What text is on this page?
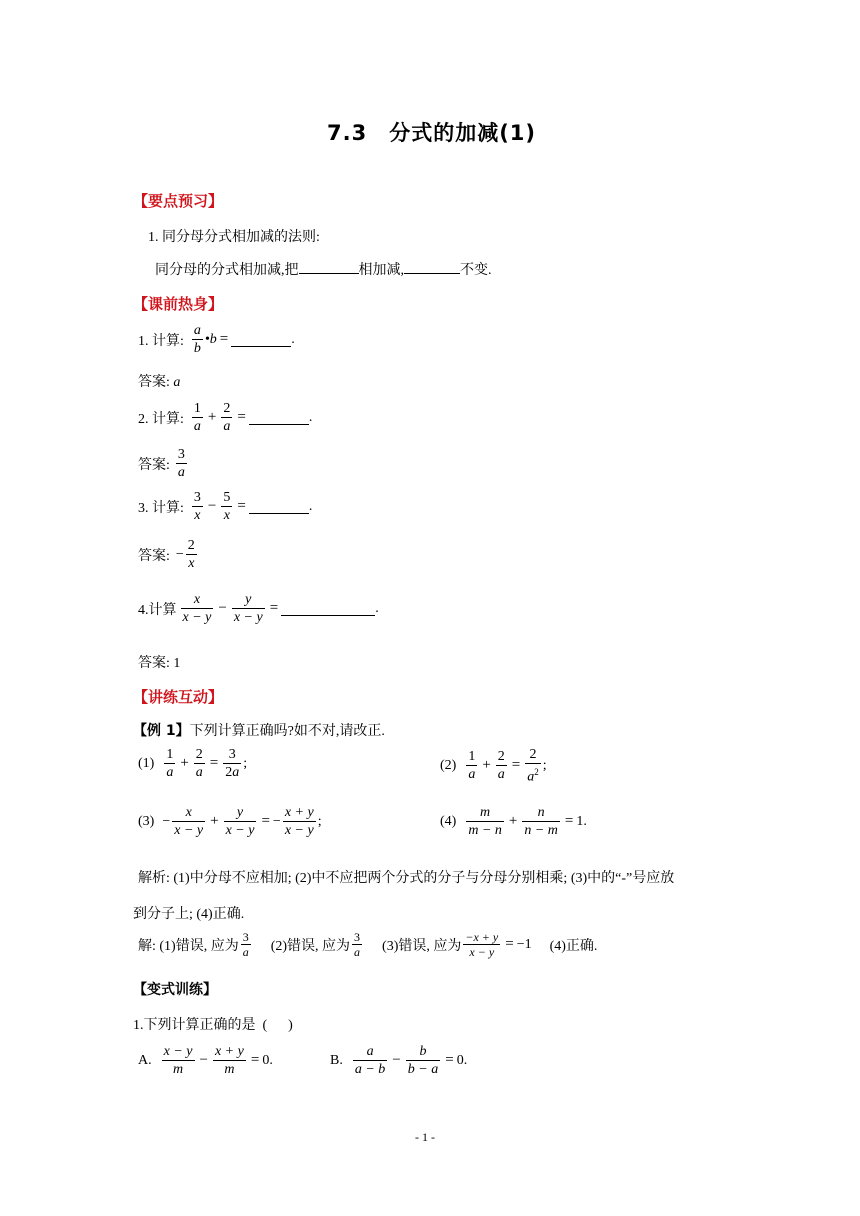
7.3　分式的加减(1)
【要点预习】
1. 同分母分式相加减的法则:
同分母的分式相加减,把	相加减,	不变.
【课前热身】
1. 计算: $\frac{a}{b}$ •b =	.
答案: a
2. 计算: $\frac{1}{a} + \frac{2}{a}$ =	.
答案: $\frac{3}{a}$
3. 计算: $\frac{3}{x} - \frac{5}{x}$ =	.
答案: − $\frac{2}{x}$
4.计算 $\frac{x}{x - y} - \frac{y}{x - y}$ =	.
答案: 1
【讲练互动】
【例 1】下列计算正确吗?如不对,请改正.
$(1) \frac{1}{a} + \frac{2}{a} = \frac{3}{2a}$ ;	$(2) \frac{1}{a} + \frac{2}{a} = \frac{2}{a^2}$ ;
$(3) - \frac{x}{x - y} + \frac{y}{x - y}$ = − $\frac{x + y}{x - y}$ ;	$(4) \frac{m}{m - n} + \frac{n}{n - m} = 1$.
解析: (1)中分母不应相加; (2)中不应把两个分式的分子与分母分别相乘; (3)中的“-”号应放
到分子上; (4)正确.
解: (1)错误, 应为 $\frac{3}{a} (2)$错误, 应为 $\frac{3}{a} (3)$错误, 应为 $\frac{-x + y}{x - y} = -1$ (4)正确.
【变式训练】
1.下列计算正确的是  (      )
A. $\frac{x - y}{m} - \frac{x + y}{m} = 0$.	B. $\frac{a}{a - b} - \frac{b}{b - a} = 0$.
- 1 -
